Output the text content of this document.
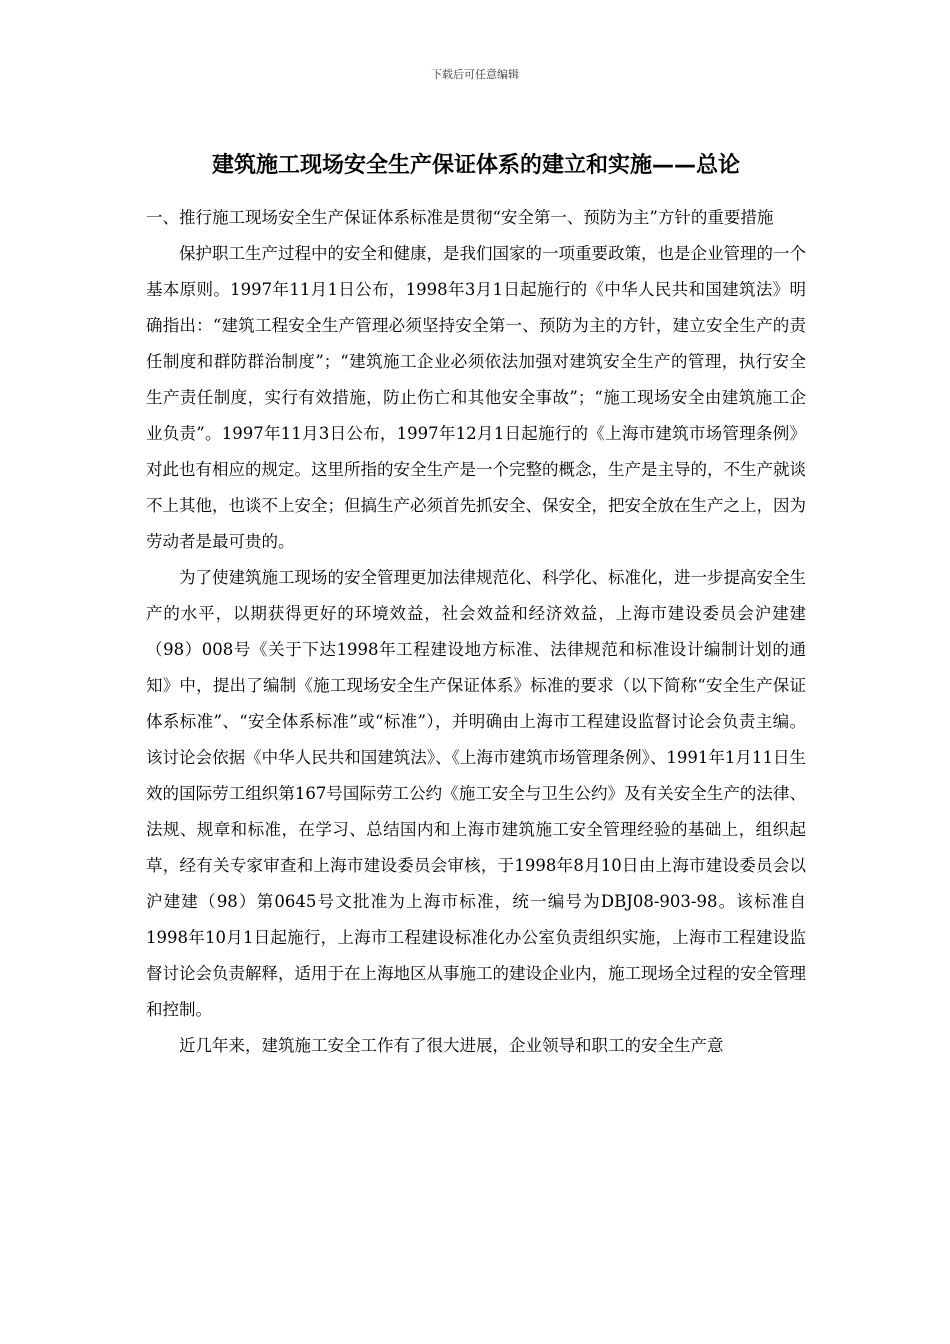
下载后可任意编辑
建筑施工现场安全生产保证体系的建立和实施——总论

一、推行施工现场安全生产保证体系标准是贯彻“安全第一、预防为主”方针的重要措施

保护职工生产过程中的安全和健康，是我们国家的一项重要政策，也是企业管理的一个基本原则。1997年11月1日公布，1998年3月1日起施行的《中华人民共和国建筑法》明确指出：“建筑工程安全生产管理必须坚持安全第一、预防为主的方针，建立安全生产的责任制度和群防群治制度”；“建筑施工企业必须依法加强对建筑安全生产的管理，执行安全生产责任制度，实行有效措施，防止伤亡和其他安全事故”；“施工现场安全由建筑施工企业负责”。1997年11月3日公布，1997年12月1日起施行的《上海市建筑市场管理条例》对此也有相应的规定。这里所指的安全生产是一个完整的概念，生产是主导的，不生产就谈不上其他，也谈不上安全；但搞生产必须首先抓安全、保安全，把安全放在生产之上，因为劳动者是最可贵的。

为了使建筑施工现场的安全管理更加法律规范化、科学化、标准化，进一步提高安全生产的水平，以期获得更好的环境效益，社会效益和经济效益，上海市建设委员会沪建建（98）008号《关于下达1998年工程建设地方标准、法律规范和标准设计编制计划的通知》中，提出了编制《施工现场安全生产保证体系》标准的要求（以下简称“安全生产保证体系标准”、“安全体系标准”或“标准”），并明确由上海市工程建设监督讨论会负责主编。该讨论会依据《中华人民共和国建筑法》、《上海市建筑市场管理条例》、1991年1月11日生效的国际劳工组织第167号国际劳工公约《施工安全与卫生公约》及有关安全生产的法律、法规、规章和标准，在学习、总结国内和上海市建筑施工安全管理经验的基础上，组织起草，经有关专家审查和上海市建设委员会审核，于1998年8月10日由上海市建设委员会以沪建建（98）第0645号文批准为上海市标准，统一编号为DBJ08-903-98。该标准自1998年10月1日起施行，上海市工程建设标准化办公室负责组织实施，上海市工程建设监督讨论会负责解释，适用于在上海地区从事施工的建设企业内，施工现场全过程的安全管理和控制。

近几年来，建筑施工安全工作有了很大进展，企业领导和职工的安全生产意
